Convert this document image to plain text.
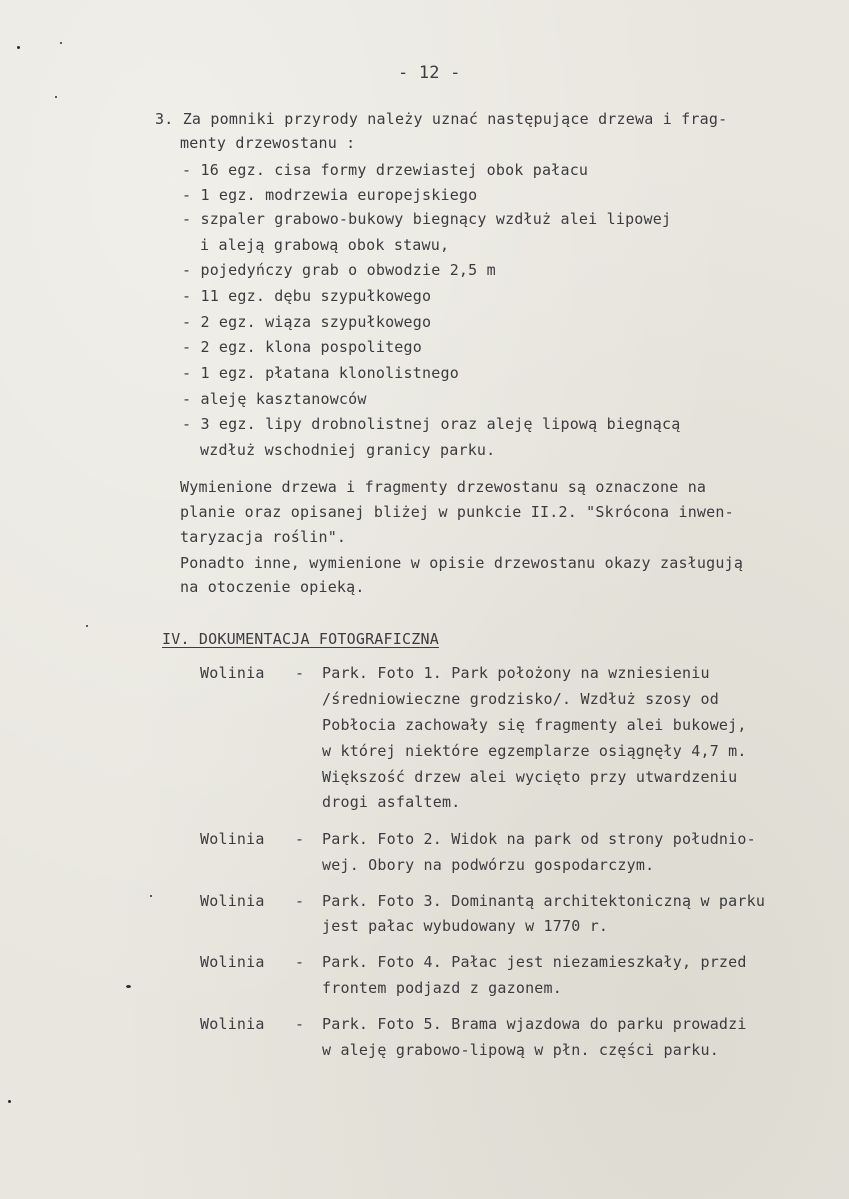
- 12 -
3. Za pomniki przyrody należy uznać następujące drzewa i frag-
menty drzewostanu :
- 16 egz. cisa formy drzewiastej obok pałacu
- 1 egz. modrzewia europejskiego
- szpaler grabowo-bukowy biegnący wzdłuż alei lipowej
i aleją grabową obok stawu,
- pojedyńczy grab o obwodzie 2,5 m
- 11 egz. dębu szypułkowego
- 2 egz. wiąza szypułkowego
- 2 egz. klona pospolitego
- 1 egz. płatana klonolistnego
- aleję kasztanowców
- 3 egz. lipy drobnolistnej oraz aleję lipową biegnącą
wzdłuż wschodniej granicy parku.
Wymienione drzewa i fragmenty drzewostanu są oznaczone na
planie oraz opisanej bliżej w punkcie II.2. "Skrócona inwen-
taryzacja roślin".
Ponadto inne, wymienione w opisie drzewostanu okazy zasługują
na otoczenie opieką.
IV. DOKUMENTACJA FOTOGRAFICZNA
Wolinia - Park. Foto 1. Park położony na wzniesieniu
/średniowieczne grodzisko/. Wzdłuż szosy od
Pobłocia zachowały się fragmenty alei bukowej,
w której niektóre egzemplarze osiągnęły 4,7 m.
Większość drzew alei wycięto przy utwardzeniu
drogi asfaltem.
Wolinia - Park. Foto 2. Widok na park od strony południo-
wej. Obory na podwórzu gospodarczym.
Wolinia - Park. Foto 3. Dominantą architektoniczną w parku
jest pałac wybudowany w 1770 r.
Wolinia - Park. Foto 4. Pałac jest niezamieszkały, przed
frontem podjazd z gazonem.
Wolinia - Park. Foto 5. Brama wjazdowa do parku prowadzi
w aleję grabowo-lipową w płn. części parku.
